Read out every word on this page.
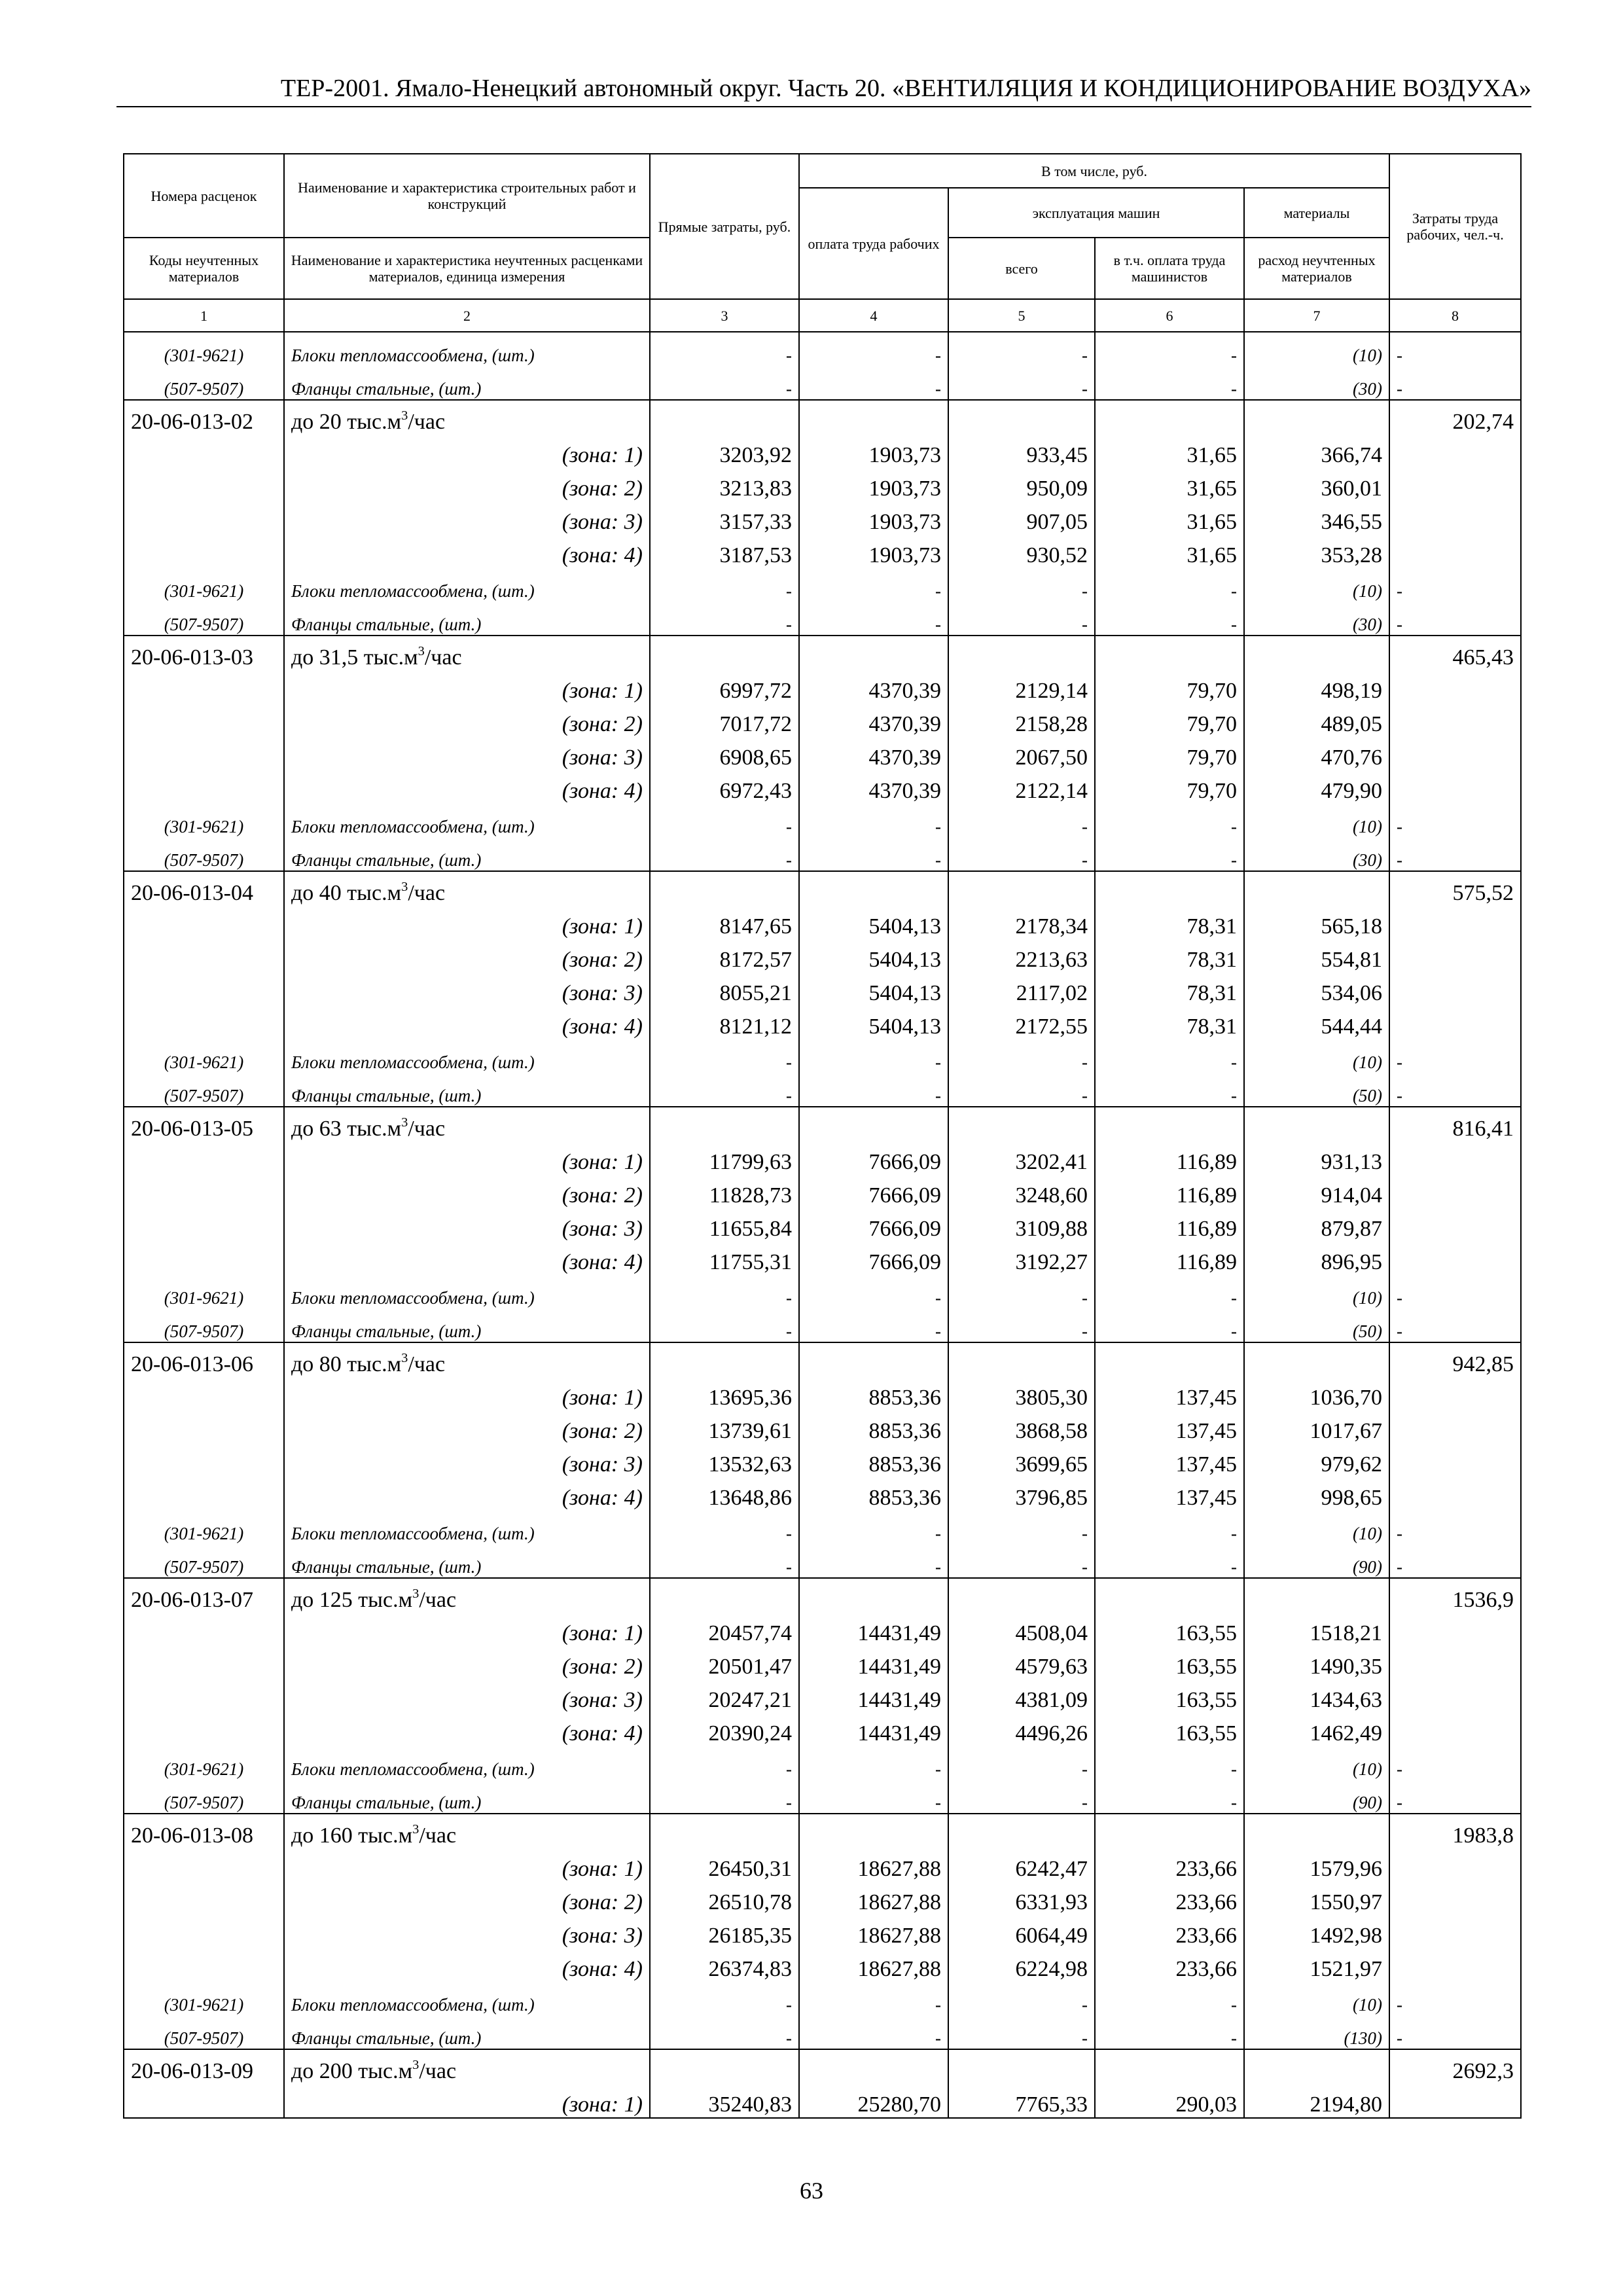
ТЕР-2001. Ямало-Ненецкий автономный округ. Часть 20. «ВЕНТИЛЯЦИЯ И КОНДИЦИОНИРОВАНИЕ ВОЗДУХА»
Номера расценок	Наименование и характеристика строительных работ и конструкций	Прямые затраты, руб.	В том числе, руб.				Затраты труда рабочих, чел.-ч.
			оплата труда рабочих	эксплуатация машин		материалы	
Коды неучтенных материалов	Наименование и характеристика неучтенных расценками материалов, единица измерения			всего	в т.ч. оплата труда машинистов	расход неучтенных материалов	
1	2	3	4	5	6	7	8
(301-9621)	Блоки тепломассообмена, (шт.)	-	-	-	-	(10)	-
(507-9507)	Фланцы стальные, (шт.)	-	-	-	-	(30)	-
20-06-013-02	до 20 $тыс.м^3$/час						202,74
	(зона: 1)	3203,92	1903,73	933,45	31,65	366,74	
	(зона: 2)	3213,83	1903,73	950,09	31,65	360,01	
	(зона: 3)	3157,33	1903,73	907,05	31,65	346,55	
	(зона: 4)	3187,53	1903,73	930,52	31,65	353,28	
(301-9621)	Блоки тепломассообмена, (шт.)	-	-	-	-	(10)	-
(507-9507)	Фланцы стальные, (шт.)	-	-	-	-	(30)	-
20-06-013-03	до 31,5 $тыс.м^3$/час						465,43
	(зона: 1)	6997,72	4370,39	2129,14	79,70	498,19	
	(зона: 2)	7017,72	4370,39	2158,28	79,70	489,05	
	(зона: 3)	6908,65	4370,39	2067,50	79,70	470,76	
	(зона: 4)	6972,43	4370,39	2122,14	79,70	479,90	
(301-9621)	Блоки тепломассообмена, (шт.)	-	-	-	-	(10)	-
(507-9507)	Фланцы стальные, (шт.)	-	-	-	-	(30)	-
20-06-013-04	до 40 $тыс.м^3$/час						575,52
	(зона: 1)	8147,65	5404,13	2178,34	78,31	565,18	
	(зона: 2)	8172,57	5404,13	2213,63	78,31	554,81	
	(зона: 3)	8055,21	5404,13	2117,02	78,31	534,06	
	(зона: 4)	8121,12	5404,13	2172,55	78,31	544,44	
(301-9621)	Блоки тепломассообмена, (шт.)	-	-	-	-	(10)	-
(507-9507)	Фланцы стальные, (шт.)	-	-	-	-	(50)	-
20-06-013-05	до 63 $тыс.м^3$/час						816,41
	(зона: 1)	11799,63	7666,09	3202,41	116,89	931,13	
	(зона: 2)	11828,73	7666,09	3248,60	116,89	914,04	
	(зона: 3)	11655,84	7666,09	3109,88	116,89	879,87	
	(зона: 4)	11755,31	7666,09	3192,27	116,89	896,95	
(301-9621)	Блоки тепломассообмена, (шт.)	-	-	-	-	(10)	-
(507-9507)	Фланцы стальные, (шт.)	-	-	-	-	(50)	-
20-06-013-06	до 80 $тыс.м^3$/час						942,85
	(зона: 1)	13695,36	8853,36	3805,30	137,45	1036,70	
	(зона: 2)	13739,61	8853,36	3868,58	137,45	1017,67	
	(зона: 3)	13532,63	8853,36	3699,65	137,45	979,62	
	(зона: 4)	13648,86	8853,36	3796,85	137,45	998,65	
(301-9621)	Блоки тепломассообмена, (шт.)	-	-	-	-	(10)	-
(507-9507)	Фланцы стальные, (шт.)	-	-	-	-	(90)	-
20-06-013-07	до 125 $тыс.м^3$/час						1536,9
	(зона: 1)	20457,74	14431,49	4508,04	163,55	1518,21	
	(зона: 2)	20501,47	14431,49	4579,63	163,55	1490,35	
	(зона: 3)	20247,21	14431,49	4381,09	163,55	1434,63	
	(зона: 4)	20390,24	14431,49	4496,26	163,55	1462,49	
(301-9621)	Блоки тепломассообмена, (шт.)	-	-	-	-	(10)	-
(507-9507)	Фланцы стальные, (шт.)	-	-	-	-	(90)	-
20-06-013-08	до 160 $тыс.м^3$/час						1983,8
	(зона: 1)	26450,31	18627,88	6242,47	233,66	1579,96	
	(зона: 2)	26510,78	18627,88	6331,93	233,66	1550,97	
	(зона: 3)	26185,35	18627,88	6064,49	233,66	1492,98	
	(зона: 4)	26374,83	18627,88	6224,98	233,66	1521,97	
(301-9621)	Блоки тепломассообмена, (шт.)	-	-	-	-	(10)	-
(507-9507)	Фланцы стальные, (шт.)	-	-	-	-	(130)	-
20-06-013-09	до 200 $тыс.м^3$/час						2692,3
	(зона: 1)	35240,83	25280,70	7765,33	290,03	2194,80	
63
